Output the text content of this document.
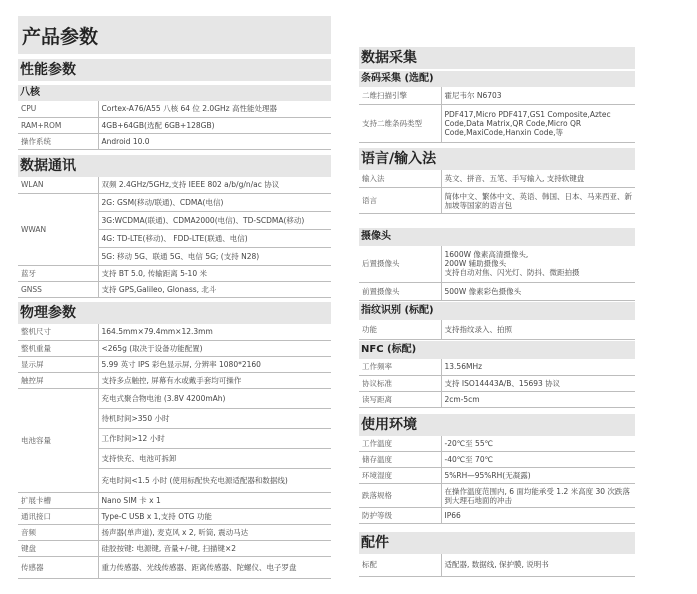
产品参数
性能参数
八核
CPU	Cortex-A76/A55 八核 64 位 2.0GHz 高性能处理器
RAM+ROM	4GB+64GB(选配 6GB+128GB)
操作系统	Android 10.0
数据通讯
WLAN	双频 2.4GHz/5GHz,支持 IEEE 802 a/b/g/n/ac 协议
WWAN	2G: GSM(移动/联通)、CDMA(电信)
	3G:WCDMA(联通)、CDMA2000(电信)、TD-SCDMA(移动)
	4G: TD-LTE(移动)、 FDD-LTE(联通、电信)
	5G: 移动 5G、联通 5G、电信 5G; (支持 N28)
蓝牙	支持 BT 5.0, 传输距离 5-10 米
GNSS	支持 GPS,Galileo, Glonass, 北斗
物理参数
整机尺寸	164.5mm×79.4mm×12.3mm
整机重量	<265g (取决于设备功能配置)
显示屏	5.99 英寸 IPS 彩色显示屏, 分辨率 1080*2160
触控屏	支持多点触控, 屏幕有水或戴手套均可操作
电池容量	充电式聚合物电池 (3.8V 4200mAh)
	待机时间>350 小时
	工作时间>12 小时
	支持快充、电池可拆卸
	充电时间<1.5 小时 (使用标配快充电源适配器和数据线)
扩展卡槽	Nano SIM 卡 x 1
通讯接口	Type-C USB x 1,支持 OTG 功能
音频	扬声器(单声道), 麦克风 x 2, 听筒, 震动马达
键盘	硅胶按键: 电源键, 音量+/-键, 扫描键×2
传感器	重力传感器、光线传感器、距离传感器、陀螺仪、电子罗盘
数据采集
条码采集 (选配)
二维扫描引擎	霍尼韦尔 N6703
支持二维条码类型	PDF417,Micro PDF417,GS1 Composite,Aztec Code,Data Matrix,QR Code,Micro QR Code,MaxiCode,Hanxin Code,等
语言/输入法
输入法	英文、拼音、五笔、手写输入, 支持软键盘
语言	简体中文、繁体中文、英语、韩国、日本、马来西亚、新加坡等国家的语言包
摄像头
后置摄像头	1600W 像素高清摄像头,
200W 辅助摄像头
支持自动对焦、闪光灯、防抖、微距拍摄

前置摄像头	500W 像素彩色摄像头
指纹识别 (标配)
功能	支持指纹录入、拍照
NFC (标配)
工作频率	13.56MHz
协议标准	支持 ISO14443A/B、15693 协议
读写距离	2cm-5cm
使用环境
工作温度	-20℃至 55℃
储存温度	-40℃至 70℃
环境湿度	5%RH—95%RH(无凝露)
跌落规格	在操作温度范围内, 6 面均能承受 1.2 米高度 30 次跌落到大理石地面的冲击
防护等级	IP66
配件
标配	适配器, 数据线, 保护膜, 说明书
